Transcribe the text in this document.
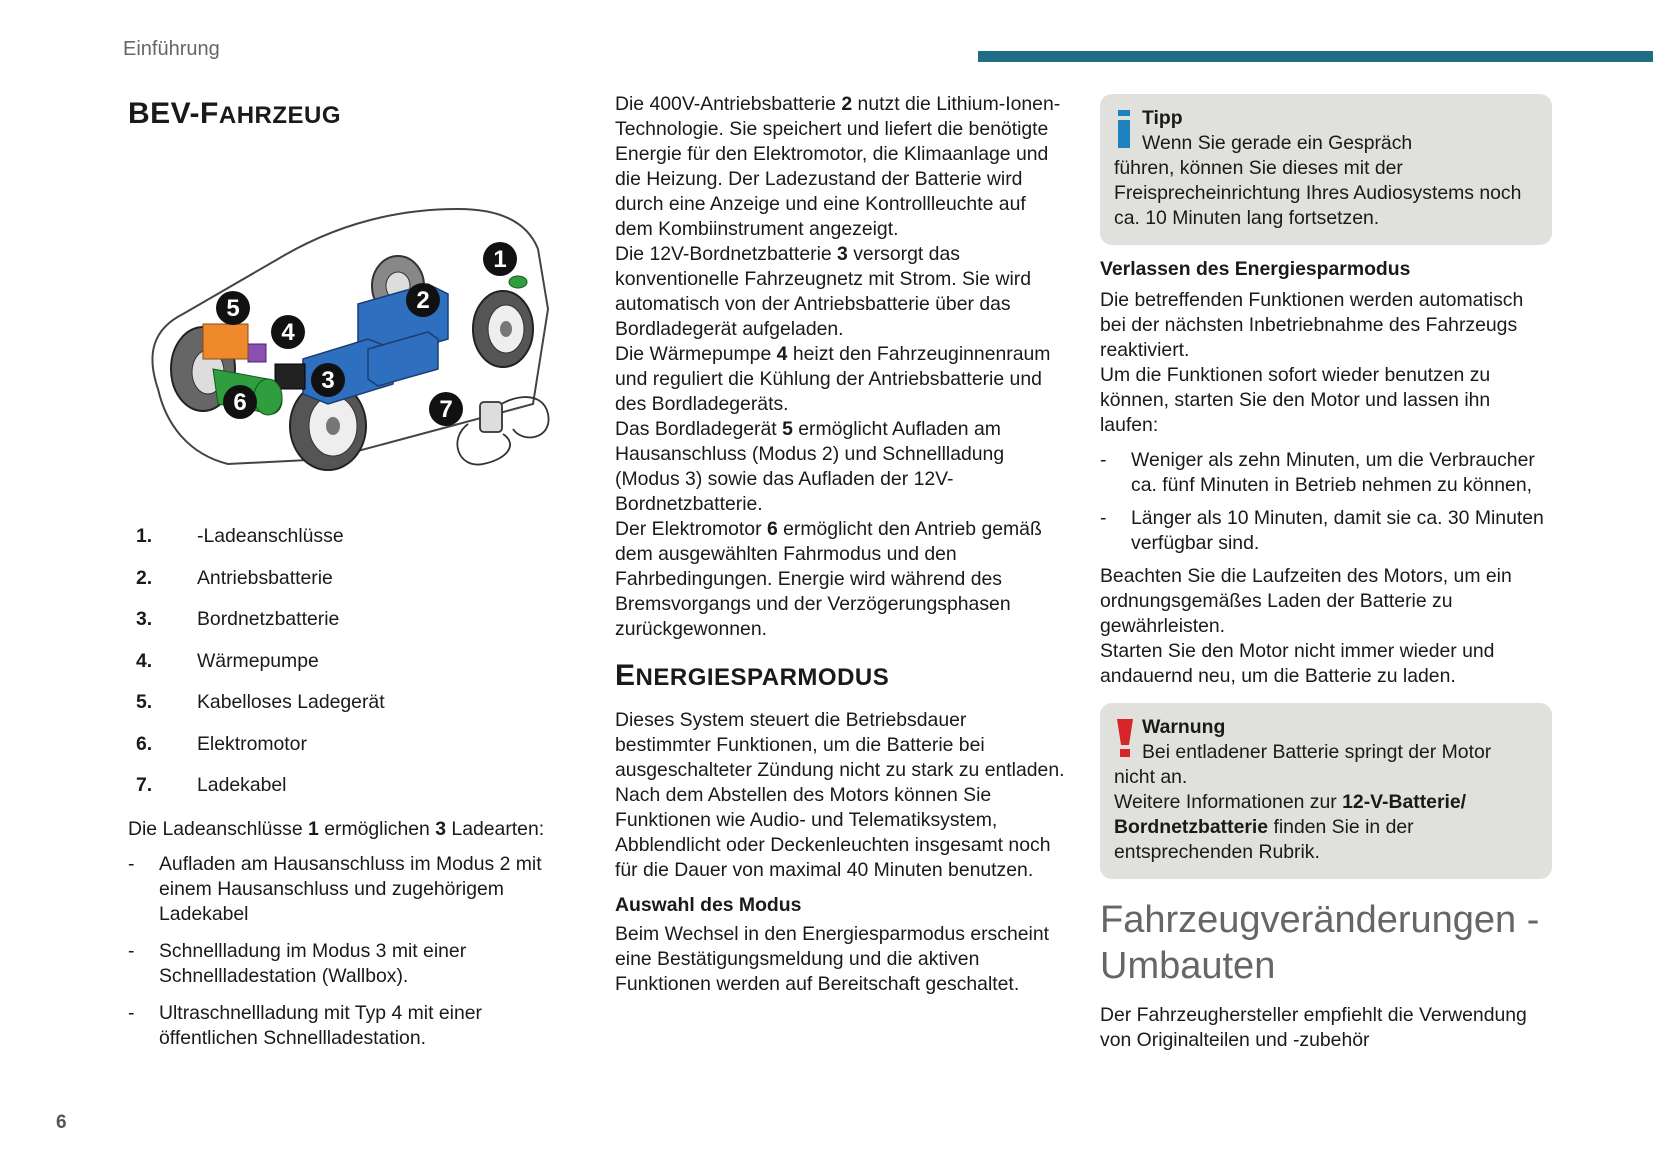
Einführung
BEV-FAHRZEUG
1
2
3
4
5
6	7
1.	-Ladeanschlüsse
2.	Antriebsbatterie
3.	Bordnetzbatterie
4.	Wärmepumpe
5.	Kabelloses Ladegerät
6.	Elektromotor
7.	Ladekabel

Die Ladeanschlüsse 1 ermöglichen 3 Ladearten:

-	Aufladen am Hausanschluss im Modus 2 mit einem Hausanschluss und zugehörigem Ladekabel
-	Schnellladung im Modus 3 mit einer Schnellladestation (Wallbox).
-	Ultraschnellladung mit Typ 4 mit einer öffentlichen Schnellladestation.

Die 400V-Antriebsbatterie 2 nutzt die Lithium-Ionen-Technologie. Sie speichert und liefert die benötigte Energie für den Elektromotor, die Klimaanlage und die Heizung. Der Ladezustand der Batterie wird durch eine Anzeige und eine Kontrollleuchte auf dem Kombiinstrument angezeigt.

Die 12V-Bordnetzbatterie 3 versorgt das konventionelle Fahrzeugnetz mit Strom. Sie wird automatisch von der Antriebsbatterie über das Bordladegerät aufgeladen.

Die Wärmepumpe 4 heizt den Fahrzeuginnenraum und reguliert die Kühlung der Antriebsbatterie und des Bordladegeräts.

Das Bordladegerät 5 ermöglicht Aufladen am Hausanschluss (Modus 2) und Schnellladung (Modus 3) sowie das Aufladen der 12V-Bordnetzbatterie.

Der Elektromotor 6 ermöglicht den Antrieb gemäß dem ausgewählten Fahrmodus und den Fahrbedingungen. Energie wird während des Bremsvorgangs und der Verzögerungsphasen zurückgewonnen.

ENERGIESPARMODUS

Dieses System steuert die Betriebsdauer bestimmter Funktionen, um die Batterie bei ausgeschalteter Zündung nicht zu stark zu entladen.

Nach dem Abstellen des Motors können Sie Funktionen wie Audio- und Telematiksystem, Abblendlicht oder Deckenleuchten insgesamt noch für die Dauer von maximal 40 Minuten benutzen.

Auswahl des Modus

Beim Wechsel in den Energiesparmodus erscheint eine Bestätigungsmeldung und die aktiven Funktionen werden auf Bereitschaft geschaltet.

Tipp
Wenn Sie gerade ein Gespräch
führen, können Sie dieses mit der Freisprecheinrichtung Ihres Audiosystems noch ca. 10 Minuten lang fortsetzen.

Verlassen des Energiesparmodus

Die betreffenden Funktionen werden automatisch bei der nächsten Inbetriebnahme des Fahrzeugs reaktiviert.

Um die Funktionen sofort wieder benutzen zu können, starten Sie den Motor und lassen ihn laufen:

-	Weniger als zehn Minuten, um die Verbraucher ca. fünf Minuten in Betrieb nehmen zu können,
-	Länger als 10 Minuten, damit sie ca. 30 Minuten verfügbar sind.

Beachten Sie die Laufzeiten des Motors, um ein ordnungsgemäßes Laden der Batterie zu gewährleisten.

Starten Sie den Motor nicht immer wieder und andauernd neu, um die Batterie zu laden.

Warnung
Bei entladener Batterie springt der Motor
nicht an.
Weitere Informationen zur 12-V-Batterie/ Bordnetzbatterie finden Sie in der entsprechenden Rubrik.
Fahrzeugveränderungen - Umbauten

Der Fahrzeughersteller empfiehlt die Verwendung von Originalteilen und -zubehör

6
